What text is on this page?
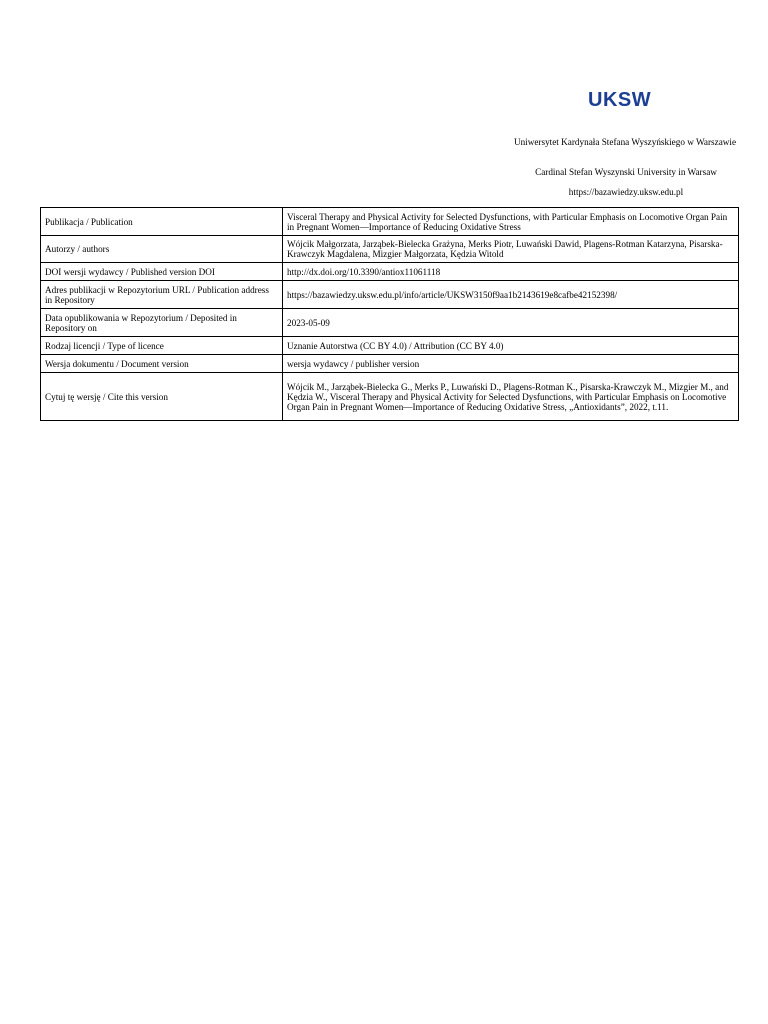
UKSW
Uniwersytet Kardynała Stefana Wyszyńskiego w Warszawie
Cardinal Stefan Wyszynski University in Warsaw
https://bazawiedzy.uksw.edu.pl
Publikacja / Publication	Visceral Therapy and Physical Activity for Selected Dysfunctions, with Particular Emphasis on Locomotive Organ Pain in Pregnant Women—Importance of Reducing Oxidative Stress
Autorzy / authors	Wójcik Małgorzata, Jarząbek-Bielecka Grażyna, Merks Piotr, Luwański Dawid, Plagens-Rotman Katarzyna, Pisarska-Krawczyk Magdalena, Mizgier Małgorzata, Kędzia Witold
DOI wersji wydawcy / Published version DOI	http://dx.doi.org/10.3390/antiox11061118
Adres publikacji w Repozytorium URL / Publication address in Repository	https://bazawiedzy.uksw.edu.pl/info/article/UKSW3150f9aa1b2143619e8cafbe42152398/
Data opublikowania w Repozytorium / Deposited in Repository on	2023-05-09
Rodzaj licencji / Type of licence	Uznanie Autorstwa (CC BY 4.0) / Attribution (CC BY 4.0)
Wersja dokumentu / Document version	wersja wydawcy / publisher version
Cytuj tę wersję / Cite this version	Wójcik M., Jarząbek-Bielecka G., Merks P., Luwański D., Plagens-Rotman K., Pisarska-Krawczyk M., Mizgier M., and Kędzia W., Visceral Therapy and Physical Activity for Selected Dysfunctions, with Particular Emphasis on Locomotive Organ Pain in Pregnant Women—Importance of Reducing Oxidative Stress, „Antioxidants”, 2022, t.11.
